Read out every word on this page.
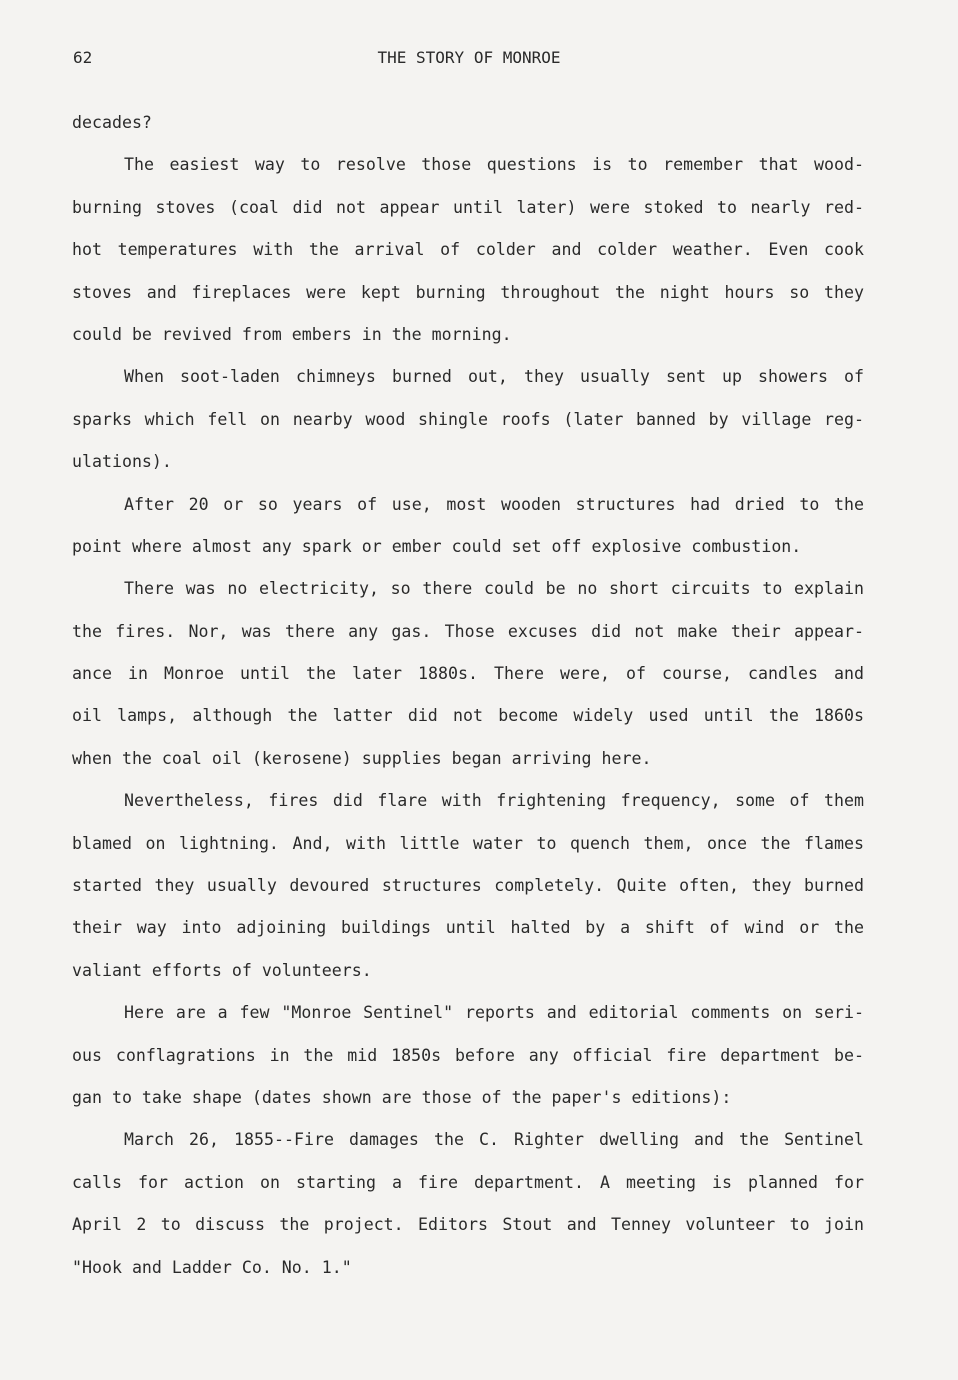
62	THE STORY OF MONROE
decades?
The easiest way to resolve those questions is to remember that wood-
burning stoves (coal did not appear until later) were stoked to nearly red-
hot temperatures with the arrival of colder and colder weather. Even cook
stoves and fireplaces were kept burning throughout the night hours so they
could be revived from embers in the morning.
When soot-laden chimneys burned out, they usually sent up showers of
sparks which fell on nearby wood shingle roofs (later banned by village reg-
ulations).
After 20 or so years of use, most wooden structures had dried to the
point where almost any spark or ember could set off explosive combustion.
There was no electricity, so there could be no short circuits to explain
the fires. Nor, was there any gas. Those excuses did not make their appear-
ance in Monroe until the later 1880s. There were, of course, candles and
oil lamps, although the latter did not become widely used until the 1860s
when the coal oil (kerosene) supplies began arriving here.
Nevertheless, fires did flare with frightening frequency, some of them
blamed on lightning. And, with little water to quench them, once the flames
started they usually devoured structures completely. Quite often, they burned
their way into adjoining buildings until halted by a shift of wind or the
valiant efforts of volunteers.
Here are a few "Monroe Sentinel" reports and editorial comments on seri-
ous conflagrations in the mid 1850s before any official fire department be-
gan to take shape (dates shown are those of the paper's editions):
March 26, 1855--Fire damages the C. Righter dwelling and the Sentinel
calls for action on starting a fire department. A meeting is planned for
April 2 to discuss the project. Editors Stout and Tenney volunteer to join
"Hook and Ladder Co. No. 1."
